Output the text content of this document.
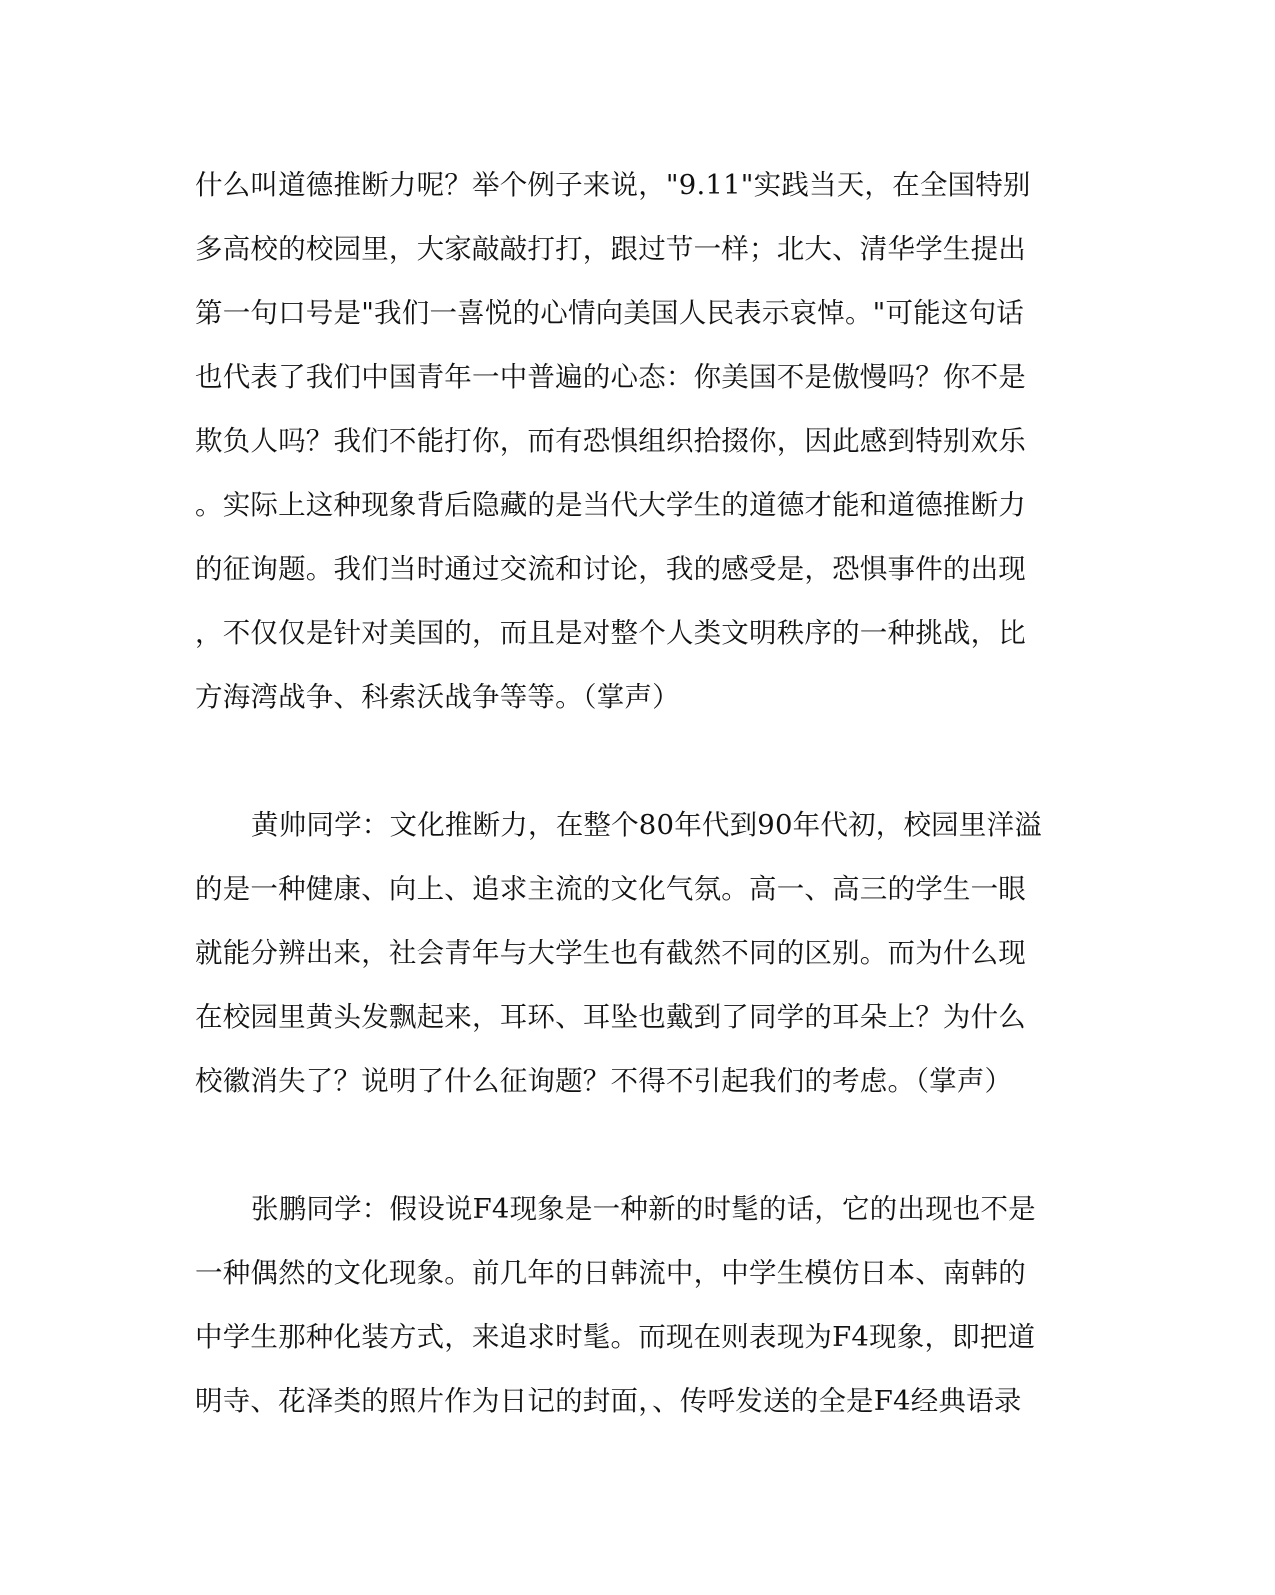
什么叫道德推断力呢？举个例子来说，"9.11"实践当天，在全国特别
多高校的校园里，大家敲敲打打，跟过节一样；北大、清华学生提出
第一句口号是"我们一喜悦的心情向美国人民表示哀悼。"可能这句话
也代表了我们中国青年一中普遍的心态：你美国不是傲慢吗？你不是
欺负人吗？我们不能打你，而有恐惧组织拾掇你，因此感到特别欢乐
。实际上这种现象背后隐藏的是当代大学生的道德才能和道德推断力
的征询题。我们当时通过交流和讨论，我的感受是，恐惧事件的出现
，不仅仅是针对美国的，而且是对整个人类文明秩序的一种挑战，比
方海湾战争、科索沃战争等等。（掌声）
黄帅同学：文化推断力，在整个80年代到90年代初，校园里洋溢
的是一种健康、向上、追求主流的文化气氛。高一、高三的学生一眼
就能分辨出来，社会青年与大学生也有截然不同的区别。而为什么现
在校园里黄头发飘起来，耳环、耳坠也戴到了同学的耳朵上？为什么
校徽消失了？说明了什么征询题？不得不引起我们的考虑。（掌声）
张鹏同学：假设说F4现象是一种新的时髦的话，它的出现也不是
一种偶然的文化现象。前几年的日韩流中，中学生模仿日本、南韩的
中学生那种化装方式，来追求时髦。而现在则表现为F4现象，即把道
明寺、花泽类的照片作为日记的封面，、传呼发送的全是F4经典语录
